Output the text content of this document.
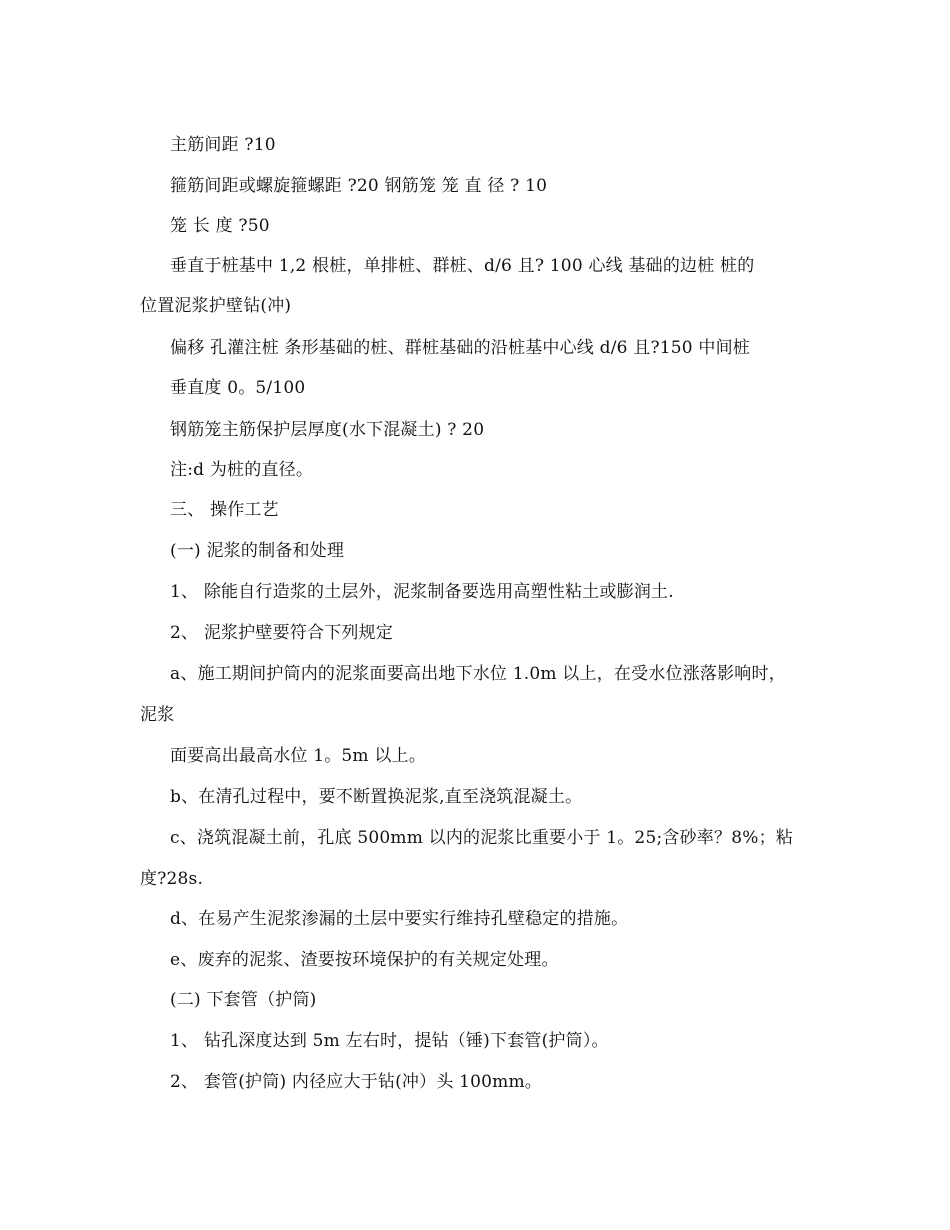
主筋间距 ?10
箍筋间距或螺旋箍螺距 ?20 钢筋笼 笼 直 径 ? 10
笼 长 度 ?50
垂直于桩基中 1,2 根桩，单排桩、群桩、d/6 且? 100 心线 基础的边桩 桩的
位置泥浆护壁钻(冲)
偏移 孔灌注桩 条形基础的桩、群桩基础的沿桩基中心线 d/6 且?150 中间桩
垂直度 0。5/100
钢筋笼主筋保护层厚度(水下混凝土) ? 20
注:d 为桩的直径。
三、 操作工艺
(一) 泥浆的制备和处理
1、 除能自行造浆的土层外，泥浆制备要选用高塑性粘土或膨润土.
2、 泥浆护壁要符合下列规定
a、施工期间护筒内的泥浆面要高出地下水位 1.0m 以上，在受水位涨落影响时，
泥浆
面要高出最高水位 1。5m 以上。
b、在清孔过程中，要不断置换泥浆,直至浇筑混凝土。
c、浇筑混凝土前，孔底 500mm 以内的泥浆比重要小于 1。25;含砂率？8%；粘
度?28s.
d、在易产生泥浆渗漏的土层中要实行维持孔壁稳定的措施。
e、废弃的泥浆、渣要按环境保护的有关规定处理。
(二) 下套管（护筒)
1、 钻孔深度达到 5m 左右时，提钻（锤)下套管(护筒）。
2、 套管(护筒) 内径应大于钻(冲）头 100mm。
